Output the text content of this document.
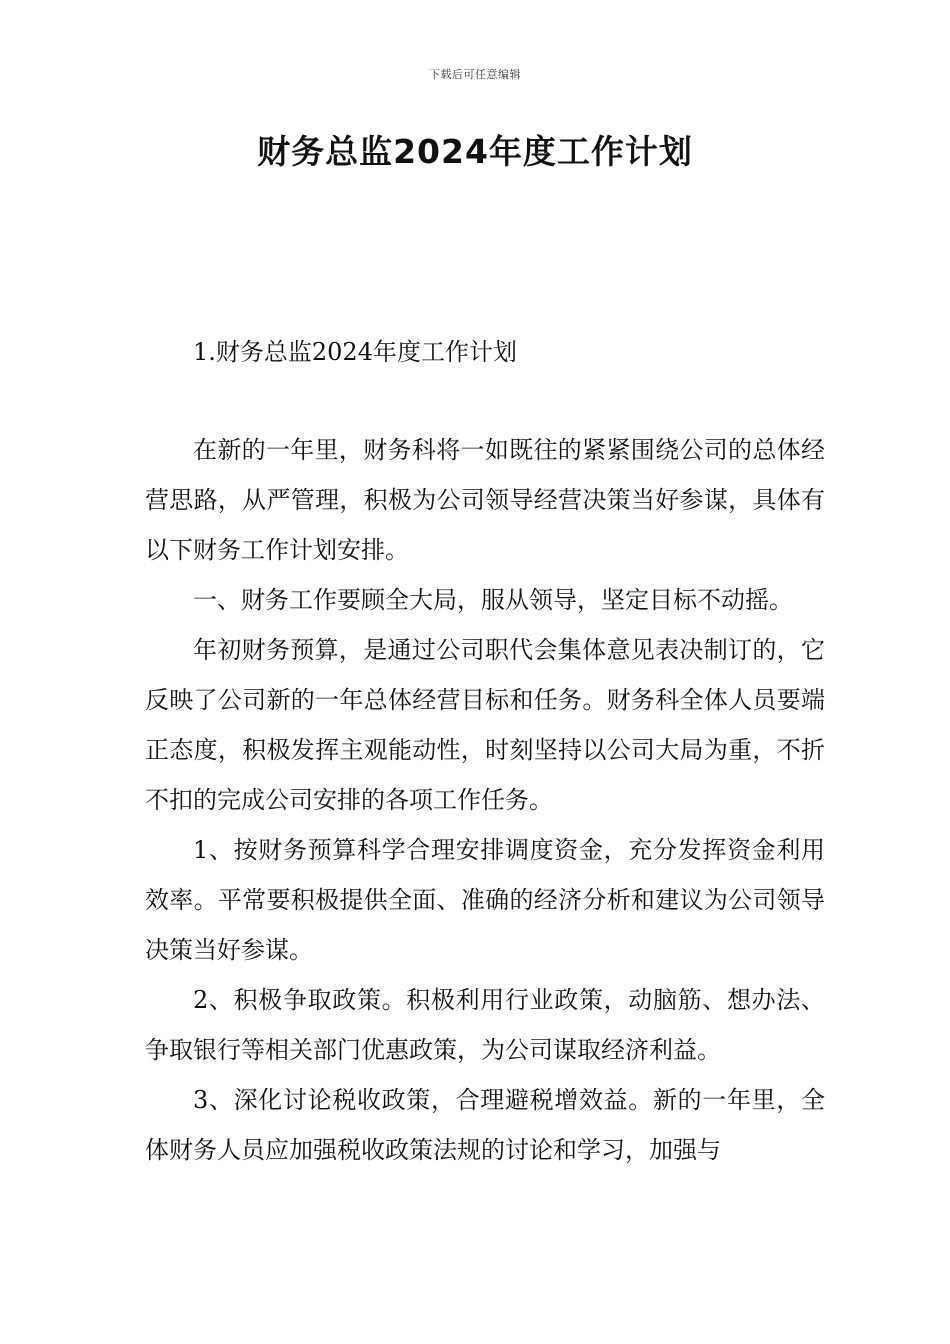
下载后可任意编辑
财务总监2024年度工作计划

1.财务总监2024年度工作计划

在新的一年里，财务科将一如既往的紧紧围绕公司的总体经营思路，从严管理，积极为公司领导经营决策当好参谋，具体有以下财务工作计划安排。

一、财务工作要顾全大局，服从领导，坚定目标不动摇。

年初财务预算，是通过公司职代会集体意见表决制订的，它反映了公司新的一年总体经营目标和任务。财务科全体人员要端正态度，积极发挥主观能动性，时刻坚持以公司大局为重，不折不扣的完成公司安排的各项工作任务。

1、按财务预算科学合理安排调度资金，充分发挥资金利用效率。平常要积极提供全面、准确的经济分析和建议为公司领导决策当好参谋。

2、积极争取政策。积极利用行业政策，动脑筋、想办法、争取银行等相关部门优惠政策，为公司谋取经济利益。

3、深化讨论税收政策，合理避税增效益。新的一年里，全体财务人员应加强税收政策法规的讨论和学习，加强与
